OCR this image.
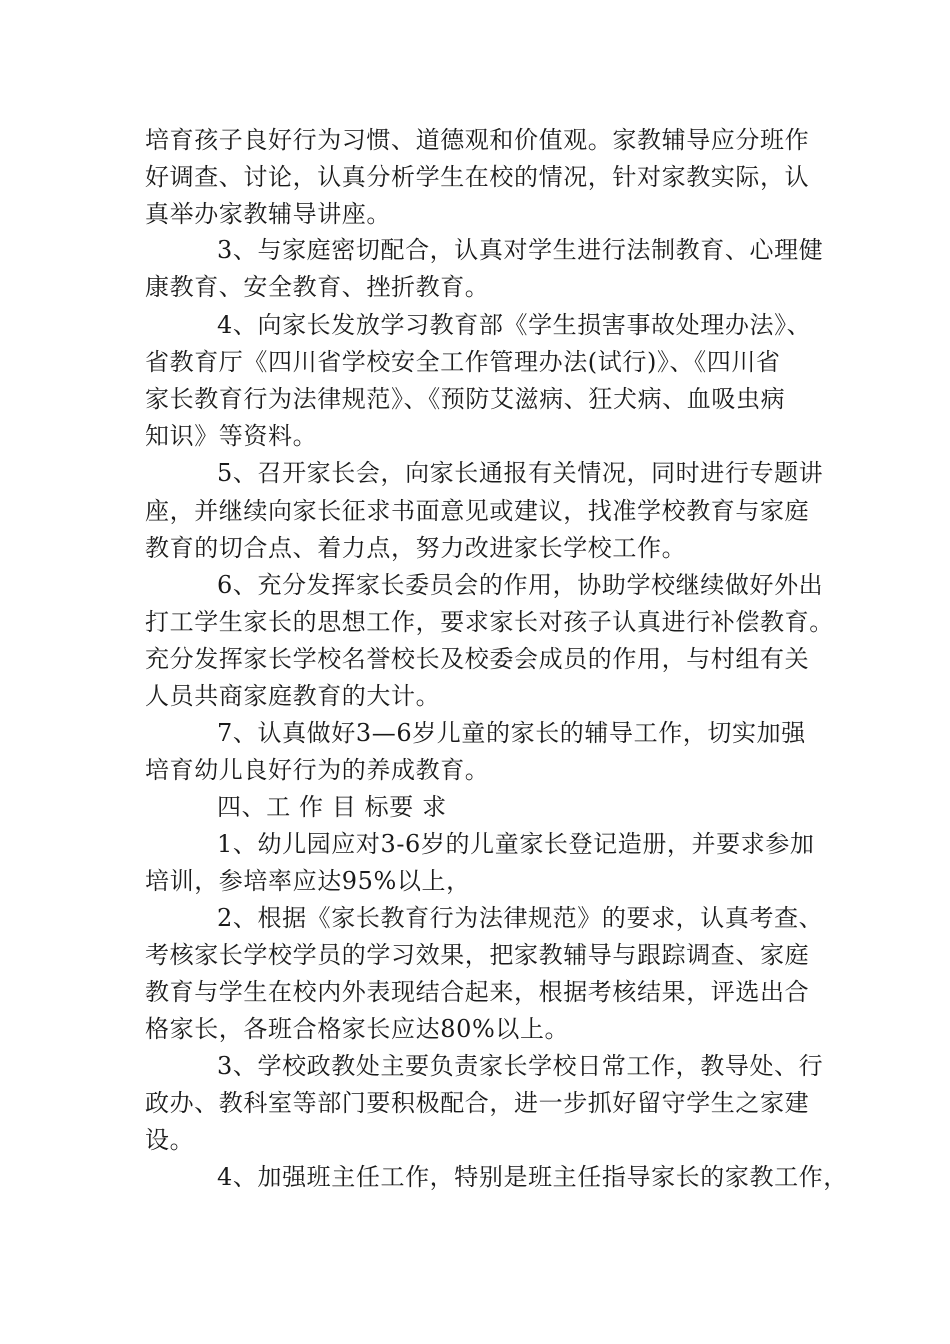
培育孩子良好行为习惯、道德观和价值观。家教辅导应分班作
好调查、讨论，认真分析学生在校的情况，针对家教实际，认
真举办家教辅导讲座。
3、与家庭密切配合，认真对学生进行法制教育、心理健
康教育、安全教育、挫折教育。
4、向家长发放学习教育部《学生损害事故处理办法》、
省教育厅《四川省学校安全工作管理办法(试行)》、《四川省
家长教育行为法律规范》、《预防艾滋病、狂犬病、血吸虫病
知识》等资料。
5、召开家长会，向家长通报有关情况，同时进行专题讲
座，并继续向家长征求书面意见或建议，找准学校教育与家庭
教育的切合点、着力点，努力改进家长学校工作。
6、充分发挥家长委员会的作用，协助学校继续做好外出
打工学生家长的思想工作，要求家长对孩子认真进行补偿教育。
充分发挥家长学校名誉校长及校委会成员的作用，与村组有关
人员共商家庭教育的大计。
7、认真做好3—6岁儿童的家长的辅导工作，切实加强
培育幼儿良好行为的养成教育。
四、工 作 目 标要 求
1、幼儿园应对3-6岁的儿童家长登记造册，并要求参加
培训，参培率应达95%以上，
2、根据《家长教育行为法律规范》的要求，认真考查、
考核家长学校学员的学习效果，把家教辅导与跟踪调查、家庭
教育与学生在校内外表现结合起来，根据考核结果，评选出合
格家长，各班合格家长应达80%以上。
3、学校政教处主要负责家长学校日常工作，教导处、行
政办、教科室等部门要积极配合，进一步抓好留守学生之家建
设。
4、加强班主任工作，特别是班主任指导家长的家教工作，
